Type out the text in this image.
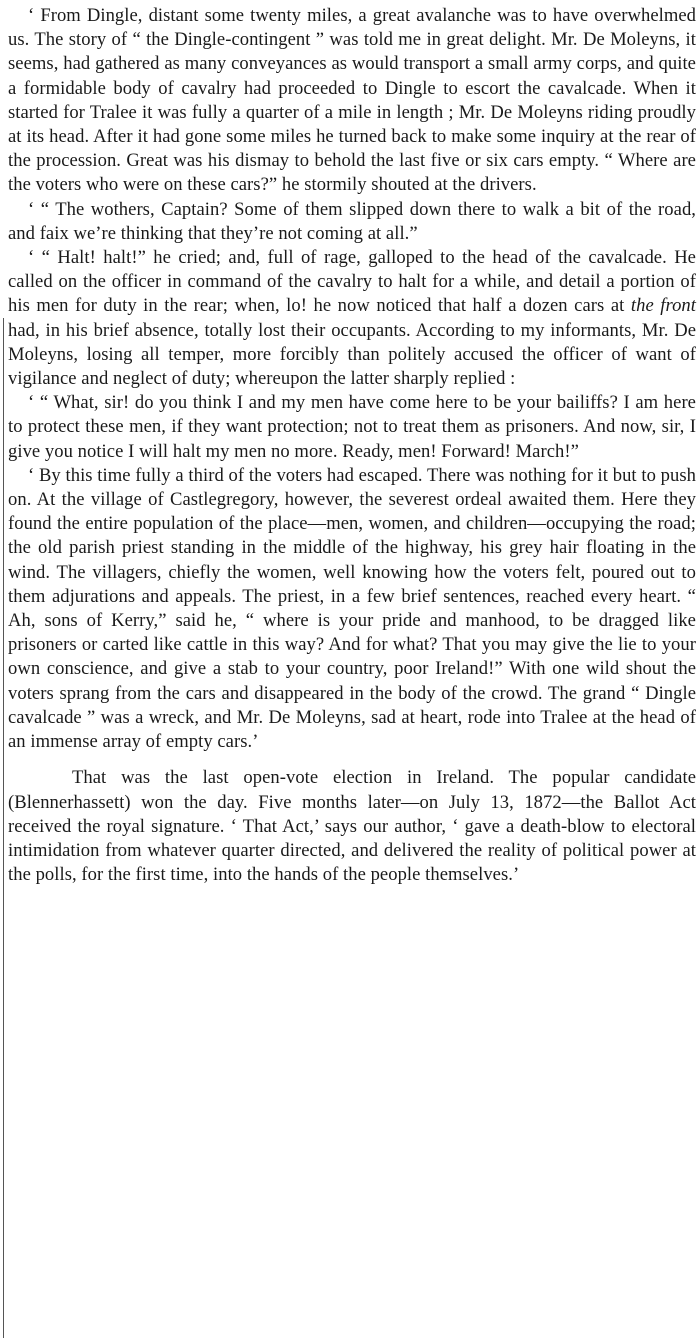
‘ From Dingle, distant some twenty miles, a great avalanche was to have overwhelmed us. The story of “ the Dingle-contingent ” was told me in great delight. Mr. De Moleyns, it seems, had gathered as many conveyances as would transport a small army corps, and quite a formidable body of cavalry had proceeded to Dingle to escort the cavalcade. When it started for Tralee it was fully a quarter of a mile in length ; Mr. De Moleyns riding proudly at its head. After it had gone some miles he turned back to make some inquiry at the rear of the procession. Great was his dismay to behold the last five or six cars empty. “ Where are the voters who were on these cars?” he stormily shouted at the drivers.

‘ “ The wothers, Captain? Some of them slipped down there to walk a bit of the road, and faix we’re thinking that they’re not coming at all.”

‘ “ Halt! halt!” he cried; and, full of rage, galloped to the head of the cavalcade. He called on the officer in command of the cavalry to halt for a while, and detail a portion of his men for duty in the rear; when, lo! he now noticed that half a dozen cars at the front had, in his brief absence, totally lost their occupants. According to my informants, Mr. De Moleyns, losing all temper, more forcibly than politely accused the officer of want of vigilance and neglect of duty; whereupon the latter sharply replied :

‘ “ What, sir! do you think I and my men have come here to be your bailiffs? I am here to protect these men, if they want protection; not to treat them as prisoners. And now, sir, I give you notice I will halt my men no more. Ready, men! Forward! March!”

‘ By this time fully a third of the voters had escaped. There was nothing for it but to push on. At the village of Castlegregory, however, the severest ordeal awaited them. Here they found the entire population of the place—men, women, and children—occupying the road; the old parish priest standing in the middle of the highway, his grey hair floating in the wind. The villagers, chiefly the women, well knowing how the voters felt, poured out to them adjurations and appeals. The priest, in a few brief sentences, reached every heart. “ Ah, sons of Kerry,” said he, “ where is your pride and manhood, to be dragged like prisoners or carted like cattle in this way? And for what? That you may give the lie to your own conscience, and give a stab to your country, poor Ireland!” With one wild shout the voters sprang from the cars and disappeared in the body of the crowd. The grand “ Dingle cavalcade ” was a wreck, and Mr. De Moleyns, sad at heart, rode into Tralee at the head of an immense array of empty cars.’

That was the last open-vote election in Ireland. The popular candidate (Blennerhassett) won the day. Five months later—on July 13, 1872—the Ballot Act received the royal signature. ‘ That Act,’ says our author, ‘ gave a death-blow to electoral intimidation from whatever quarter directed, and delivered the reality of political power at the polls, for the first time, into the hands of the people themselves.’
